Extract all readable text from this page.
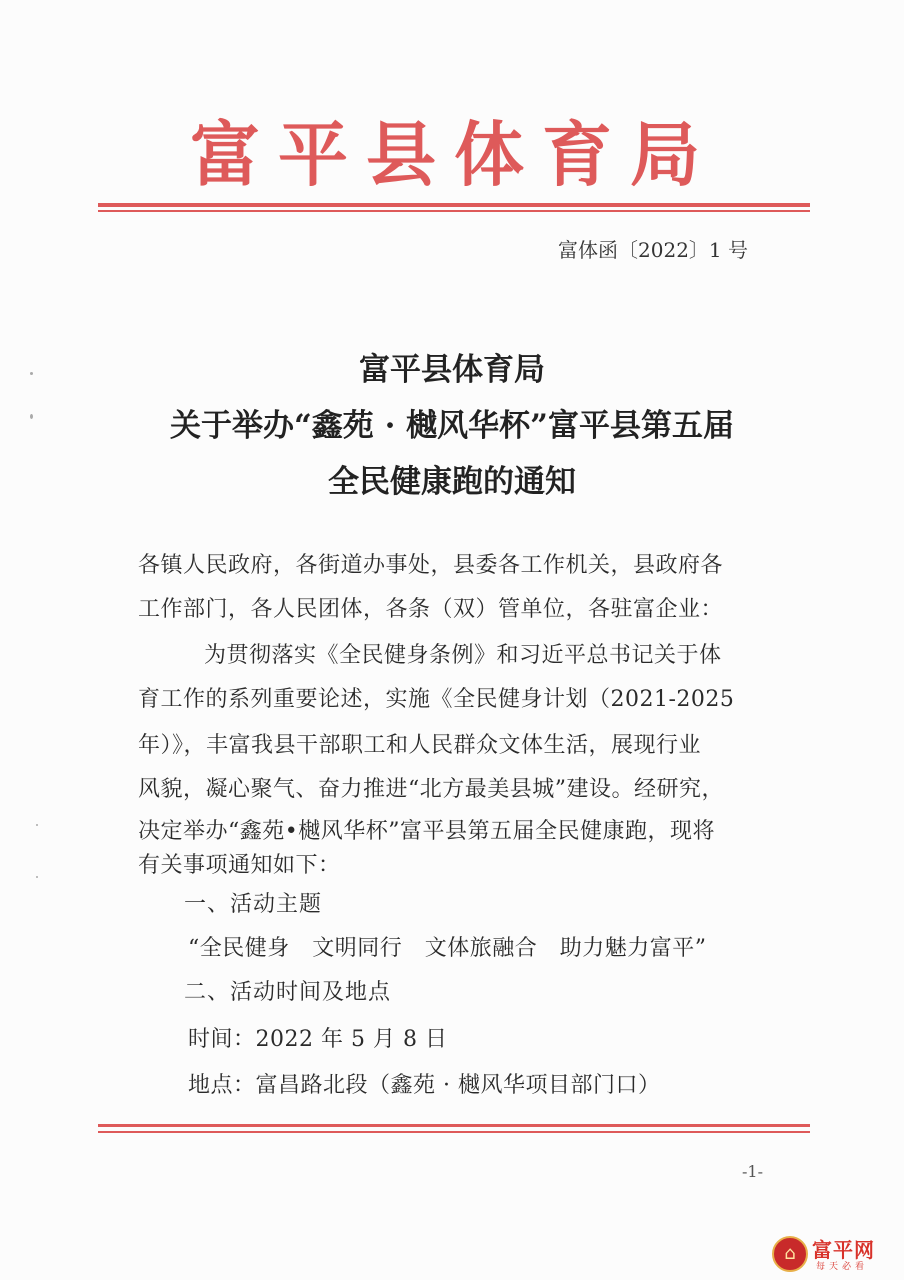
富平县体育局
富体函〔2022〕1 号
富平县体育局
关于举办“鑫苑 · 樾风华杯”富平县第五届
全民健康跑的通知
各镇人民政府，各街道办事处，县委各工作机关，县政府各
工作部门，各人民团体，各条（双）管单位，各驻富企业：
为贯彻落实《全民健身条例》和习近平总书记关于体
育工作的系列重要论述，实施《全民健身计划（2021-2025
年）》，丰富我县干部职工和人民群众文体生活，展现行业
风貌，凝心聚气、奋力推进“北方最美县城”建设。经研究，
决定举办“鑫苑•樾风华杯”富平县第五届全民健康跑，现将
有关事项通知如下：
一、活动主题
“全民健身　文明同行　文体旅融合　助力魅力富平”
二、活动时间及地点
时间：2022 年 5 月 8 日
地点：富昌路北段（鑫苑 · 樾风华项目部门口）
-1-
⌂ 富平网
每天必看
